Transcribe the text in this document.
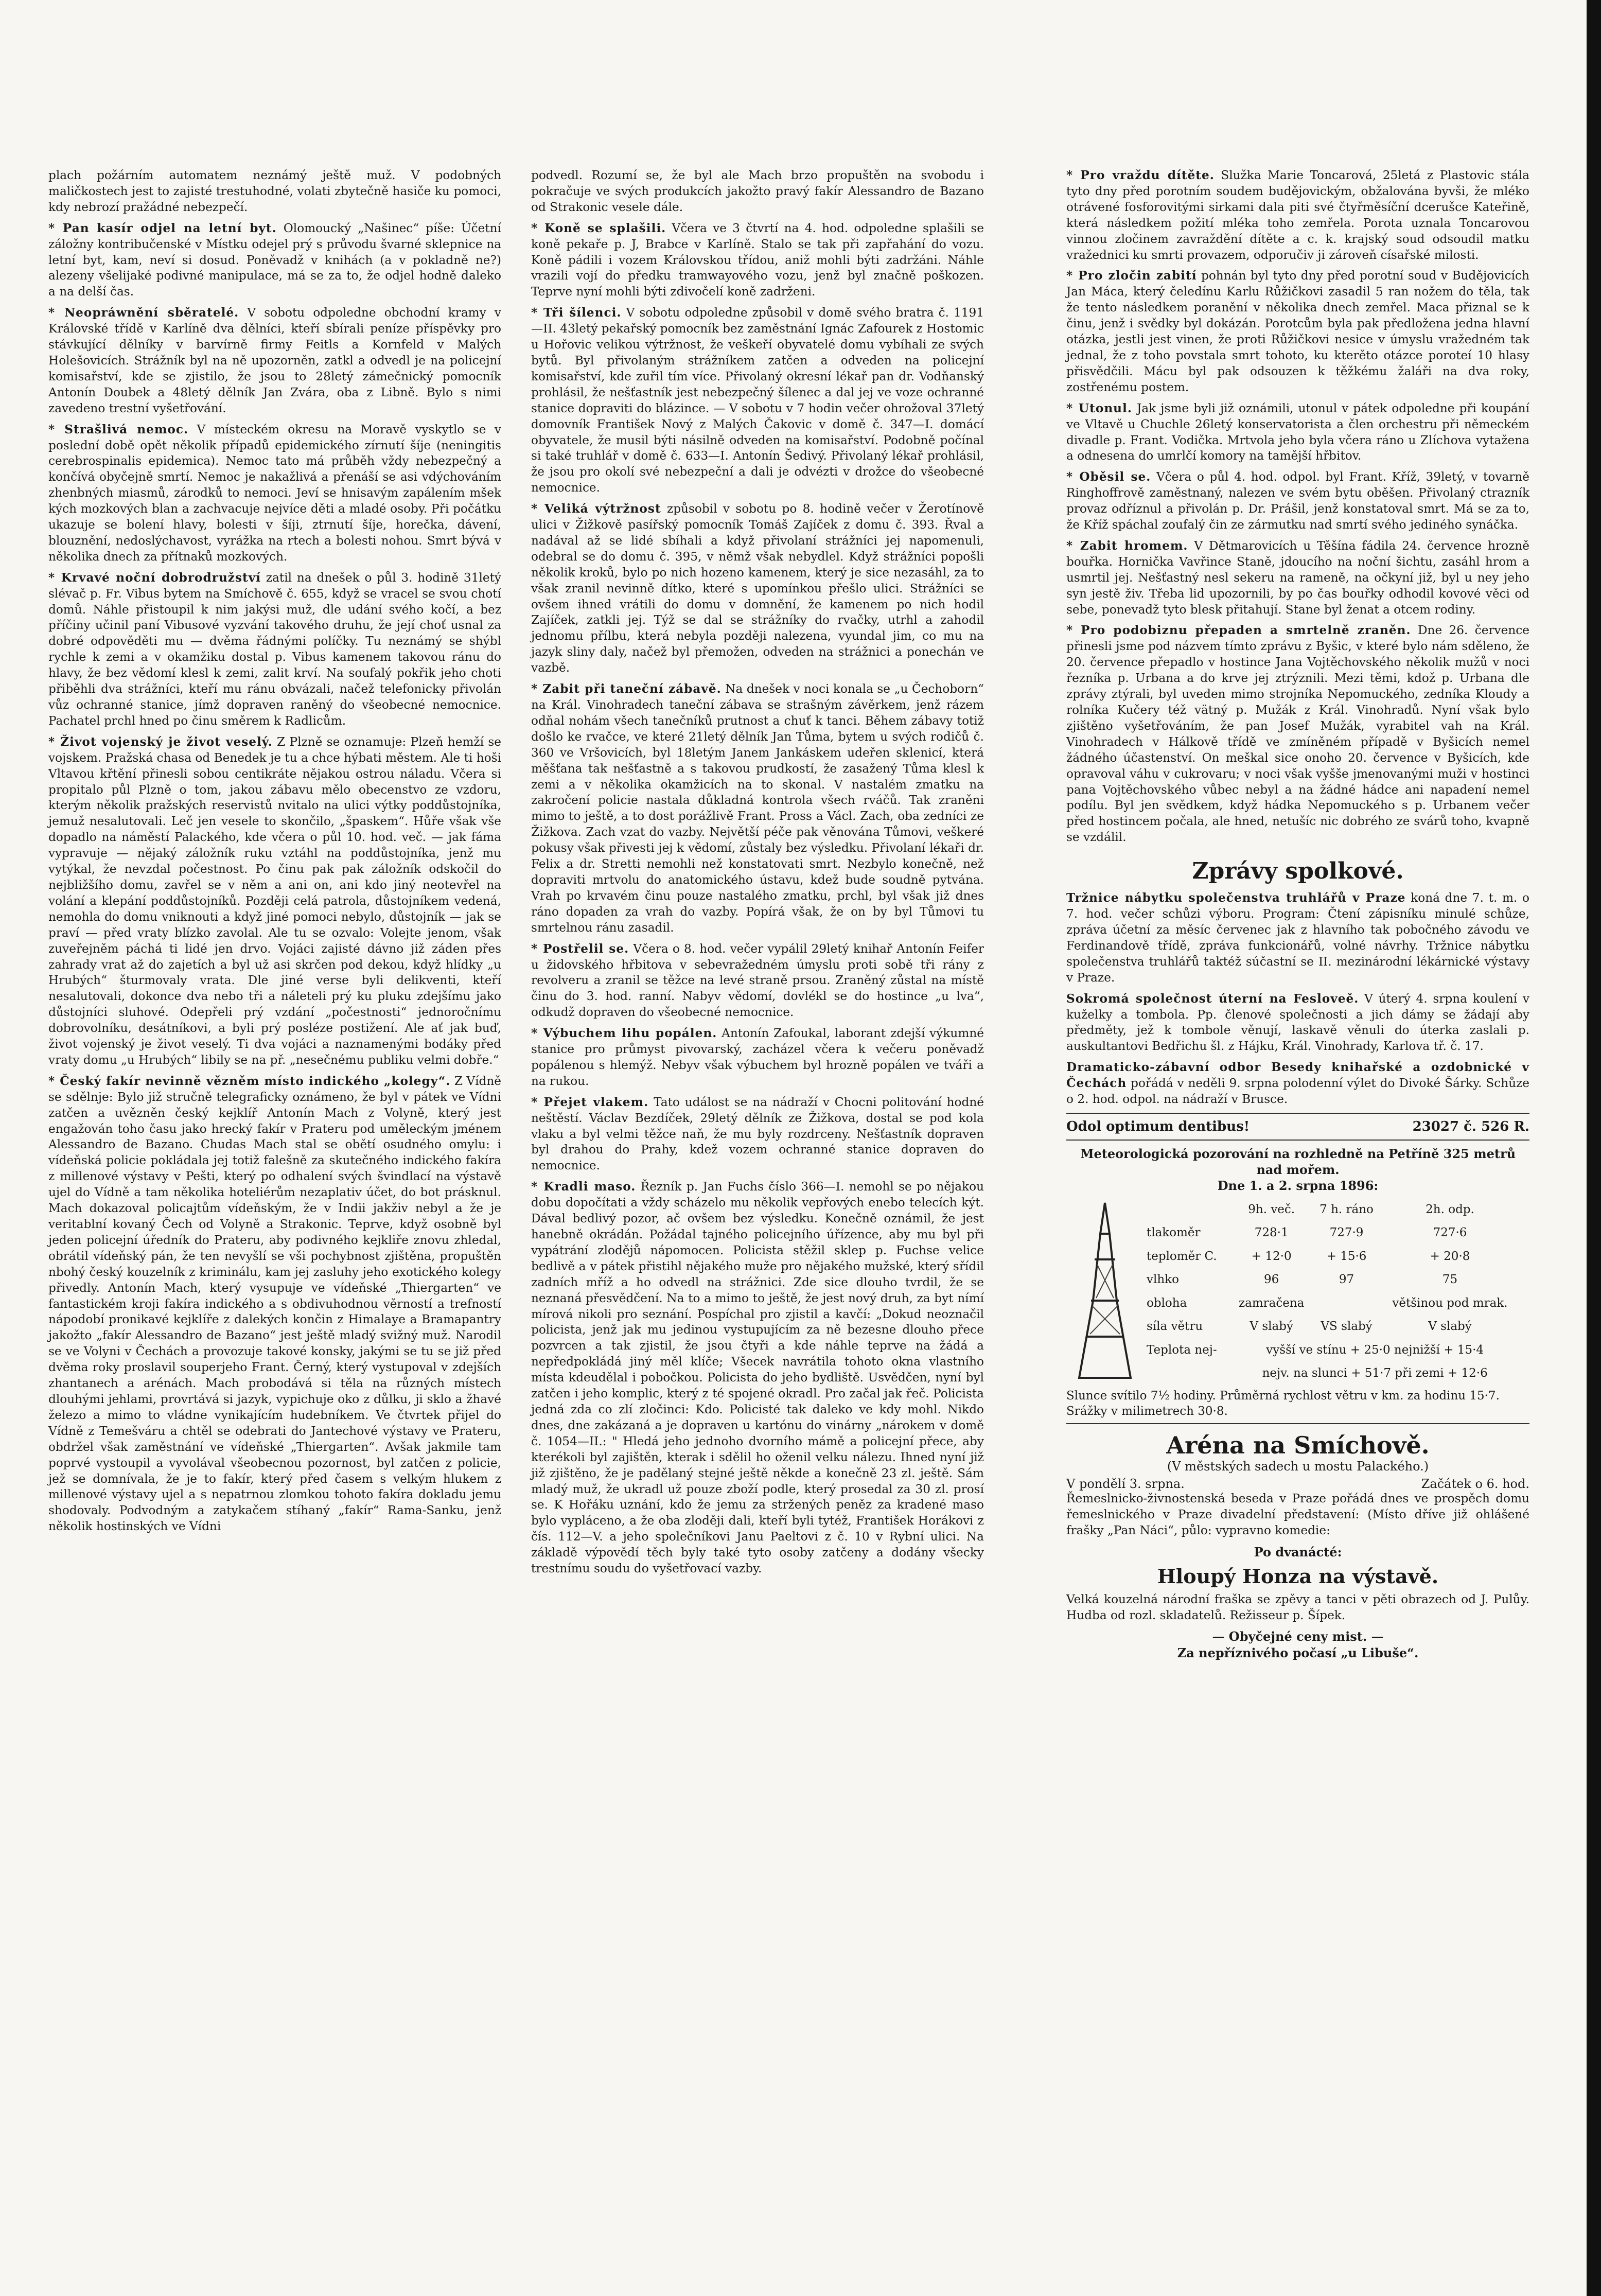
plach požárním automatem neznámý ještě muž. V podobných maličkostech jest to zajisté trestuhodné, volati zbytečně hasiče ku pomoci, kdy nebrozí pražádné nebezpečí.

* Pan kasír odjel na letní byt. Olomoucký „Našinec“ píše: Účetní záložny kontribučenské v Místku odejel prý s průvodu švarné sklepnice na letní byt, kam, neví si dosud. Poněvadž v knihách (a v pokladně ne?) alezeny všelijaké podivné manipulace, má se za to, že odjel hodně daleko a na delší čas.

* Neopráwnění sběratelé. V sobotu odpoledne obchodní kramy v Královské třídě v Karlíně dva dělníci, kteří sbírali peníze příspěvky pro stávkující dělníky v barvírně firmy Feitls a Kornfeld v Malých Holešovicích. Strážník byl na ně upozorněn, zatkl a odvedl je na policejní komisařství, kde se zjistilo, že jsou to 28letý zámečnický pomocník Antonín Doubek a 48letý dělník Jan Zvára, oba z Libně. Bylo s nimi zavedeno trestní vyšetřování.

* Strašlivá nemoc. V místeckém okresu na Moravě vyskytlo se v poslední době opět několik případů epidemického zírnutí šíje (neningitis cerebrospinalis epidemica). Nemoc tato má průběh vždy nebezpečný a končívá obyčejně smrtí. Nemoc je nakažlivá a přenáší se asi vdýchováním zhenbných miasmů, zárodků to nemoci. Jeví se hnisavým zapálením mšek kých mozkových blan a zachvacuje nejvíce děti a mladé osoby. Při počátku ukazuje se bolení hlavy, bolesti v šíji, ztrnutí šíje, horečka, dávení, blouznění, nedoslýchavost, vyrážka na rtech a bolesti nohou. Smrt bývá v několika dnech za přítnaků mozkových.

* Krvavé noční dobrodružství zatil na dnešek o půl 3. hodině 31letý slévač p. Fr. Vibus bytem na Smíchově č. 655, když se vracel se svou chotí domů. Náhle přistoupil k nim jakýsi muž, dle udání svého kočí, a bez příčiny učinil paní Vibusové vyzvání takového druhu, že její choť usnal za dobré odpověděti mu — dvěma řádnými políčky. Tu neznámý se shýbl rychle k zemi a v okamžiku dostal p. Vibus kamenem takovou ránu do hlavy, že bez vědomí klesl k zemi, zalit krví. Na soufalý pokřik jeho choti přiběhli dva strážníci, kteří mu ránu obvázali, načež telefonicky přivolán vůz ochranné stanice, jímž dopraven raněný do všeobecné nemocnice. Pachatel prchl hned po činu směrem k Radlicům.

* Život vojenský je život veselý. Z Plzně se oznamuje: Plzeň hemží se vojskem. Pražská chasa od Benedek je tu a chce hýbati městem. Ale ti hoši Vltavou křtění přinesli sobou centikráte nějakou ostrou náladu. Včera si propitalo půl Plzně o tom, jakou zábavu mělo obecenstvo ze vzdoru, kterým několik pražských reservistů nvitalo na ulici výtky poddůstojníka, jemuž nesalutovali. Leč jen vesele to skončilo, „špaskem“. Hůře však vše dopadlo na náměstí Palackého, kde včera o půl 10. hod. več. — jak fáma vypravuje — nějaký záložník ruku vztáhl na poddůstojníka, jenž mu vytýkal, že nevzdal počestnost. Po činu pak pak záložník odskočil do nejbližšího domu, zavřel se v něm a ani on, ani kdo jiný neotevřel na volání a klepání poddůstojníků. Později celá patrola, důstojníkem vedená, nemohla do domu vniknouti a když jiné pomoci nebylo, důstojník — jak se praví — před vraty blízko zavolal. Ale tu se ozvalo: Volejte jenom, však zuveřejněm páchá ti lidé jen drvo. Vojáci zajisté dávno již záden přes zahrady vrat až do zajetích a byl už asi skrčen pod dekou, když hlídky „u Hrubých“ šturmovaly vrata. Dle jiné verse byli delikventi, kteří nesalutovali, dokonce dva nebo tři a náleteli prý ku pluku zdejšímu jako důstojníci sluhové. Odepřeli prý vzdání „počestnosti“ jednoročnímu dobrovolníku, desátníkovi, a byli prý posléze postižení. Ale ať jak buď, život vojenský je život veselý. Ti dva vojáci a naznamenými bodáky před vraty domu „u Hrubých“ libily se na př. „nesečnému publiku velmi dobře.“

* Český fakír nevinně vězněm místo indického „kolegy“. Z Vídně se sdělnje: Bylo již stručně telegraficky oznámeno, že byl v pátek ve Vídni zatčen a uvězněn český kejklíř Antonín Mach z Volyně, který jest engažován toho času jako hrecký fakír v Prateru pod uměleckým jménem Alessandro de Bazano. Chudas Mach stal se obětí osudného omylu: i vídeňská policie pokládala jej totiž falešně za skutečného indického fakíra z millenové výstavy v Pešti, který po odhalení svých švindlací na výstavě ujel do Vídně a tam několika hoteliérům nezaplativ účet, do bot prásknul. Mach dokazoval policajtům vídeňským, že v Indii jakživ nebyl a že je veritablní kovaný Čech od Volyně a Strakonic. Teprve, když osobně byl jeden policejní úředník do Prateru, aby podivného kejkliře znovu zhledal, obrátil vídeňský pán, že ten nevyšlí se vši pochybnost zjištěna, propuštěn nbohý český kouzelník z kriminálu, kam jej zasluhy jeho exotického kolegy přivedly. Antonín Mach, který vysupuje ve vídeňské „Thiergarten“ ve fantastickém kroji fakíra indického a s obdivuhodnou věrností a trefností nápodobí pronikavé kejklíře z dalekých končin z Himalaye a Bramapantry jakožto „fakír Alessandro de Bazano“ jest ještě mladý svižný muž. Narodil se ve Volyni v Čechách a provozuje takové konsky, jakými se tu se již před dvěma roky proslavil souperjeho Frant. Černý, který vystupoval v zdejších zhantanech a arénách. Mach probodává si těla na různých místech dlouhými jehlami, provrtává si jazyk, vypichuje oko z důlku, ji sklo a žhavé železo a mimo to vládne vynikajícím hudebníkem. Ve čtvrtek přijel do Vídně z Temešváru a chtěl se odebrati do Jantechové výstavy ve Prateru, obdržel však zaměstnání ve vídeňské „Thiergarten“. Avšak jakmile tam poprvé vystoupil a vyvolával všeobecnou pozornost, byl zatčen z policie, jež se domnívala, že je to fakír, který před časem s velkým hlukem z millenové výstavy ujel a s nepatrnou zlomkou tohoto fakíra dokladu jemu shodovaly. Podvodným a zatykačem stíhaný „fakír“ Rama-Sanku, jenž několik hostinských ve Vídni

podvedl. Rozumí se, že byl ale Mach brzo propuštěn na svobodu i pokračuje ve svých produkcích jakožto pravý fakír Alessandro de Bazano od Strakonic vesele dále.

* Koně se splašili. Včera ve 3 čtvrtí na 4. hod. odpoledne splašili se koně pekaře p. J, Brabce v Karlíně. Stalo se tak při zapřahání do vozu. Koně pádili i vozem Královskou třídou, aniž mohli býti zadržáni. Náhle vrazili vojí do předku tramwayového vozu, jenž byl značně poškozen. Teprve nyní mohli býti zdivočelí koně zadrženi.

* Tři šílenci. V sobotu odpoledne způsobil v domě svého bratra č. 1191—II. 43letý pekařský pomocník bez zaměstnání Ignác Zafourek z Hostomic u Hořovic velikou výtržnost, že veškeří obyvatelé domu vybíhali ze svých bytů. Byl přivolaným strážníkem zatčen a odveden na policejní komisařství, kde zuřil tím více. Přivolaný okresní lékař pan dr. Vodňanský prohlásil, že nešťastník jest nebezpečný šílenec a dal jej ve voze ochranné stanice dopraviti do blázince. — V sobotu v 7 hodin večer ohrožoval 37letý domovník František Nový z Malých Čakovic v domě č. 347—I. domácí obyvatele, že musil býti násilně odveden na komisařství. Podobně počínal si také truhlář v domě č. 633—I. Antonín Šedivý. Přivolaný lékař prohlásil, že jsou pro okolí své nebezpeční a dali je odvézti v drožce do všeobecné nemocnice.

* Veliká výtržnost způsobil v sobotu po 8. hodině večer v Žerotínově ulici v Žižkově pasířský pomocník Tomáš Zajíček z domu č. 393. Řval a nadával až se lidé sbíhali a když přivolaní strážníci jej napomenuli, odebral se do domu č. 395, v němž však nebydlel. Když strážníci popošli několik kroků, bylo po nich hozeno kamenem, který je sice nezasáhl, za to však zranil nevinně dítko, které s upomínkou přešlo ulici. Strážníci se ovšem ihned vrátili do domu v domnění, že kamenem po nich hodil Zajíček, zatkli jej. Týž se dal se strážníky do rvačky, utrhl a zahodil jednomu přílbu, která nebyla později nalezena, vyundal jim, co mu na jazyk sliny daly, načež byl přemožen, odveden na strážnici a ponechán ve vazbě.

* Zabit při taneční zábavě. Na dnešek v noci konala se „u Čechoborn“ na Král. Vinohradech taneční zábava se strašným závěrkem, jenž rázem odňal nohám všech tanečníků prutnost a chuť k tanci. Během zábavy totiž došlo ke rvačce, ve které 21letý dělník Jan Tůma, bytem u svých rodičů č. 360 ve Vršovicích, byl 18letým Janem Jankáskem udeřen sklenicí, která měšťana tak nešťastně a s takovou prudkostí, že zasažený Tůma klesl k zemi a v několika okamžicích na to skonal. V nastalém zmatku na zakročení policie nastala důkladná kontrola všech rváčů. Tak zraněni mimo to ještě, a to dost porážlivě Frant. Pross a Václ. Zach, oba zedníci ze Žižkova. Zach vzat do vazby. Největší péče pak věnována Tůmovi, veškeré pokusy však přivesti jej k vědomí, zůstaly bez výsledku. Přivolaní lékaři dr. Felix a dr. Stretti nemohli než konstatovati smrt. Nezbylo konečně, než dopraviti mrtvolu do anatomického ústavu, kdež bude soudně pytvána. Vrah po krvavém činu pouze nastalého zmatku, prchl, byl však již dnes ráno dopaden za vrah do vazby. Popírá však, že on by byl Tůmovi tu smrtelnou ránu zasadil.

* Postřelil se. Včera o 8. hod. večer vypálil 29letý knihař Antonín Feifer u židovského hřbitova v sebevražedném úmyslu proti sobě tři rány z revolveru a zranil se těžce na levé straně prsou. Zraněný zůstal na místě činu do 3. hod. ranní. Nabyv vědomí, dovlékl se do hostince „u lva“, odkudž dopraven do všeobecné nemocnice.

* Výbuchem lihu popálen. Antonín Zafoukal, laborant zdejší výkumné stanice pro průmyst pivovarský, zacházel včera k večeru poněvadž popálenou s hlemýž. Nebyv však výbuchem byl hrozně popálen ve tváři a na rukou.

* Přejet vlakem. Tato událost se na nádraží v Chocni politování hodné neštěstí. Václav Bezdíček, 29letý dělník ze Žižkova, dostal se pod kola vlaku a byl velmi těžce naň, že mu byly rozdrceny. Nešťastník dopraven byl drahou do Prahy, kdež vozem ochranné stanice dopraven do nemocnice.

* Kradli maso. Řezník p. Jan Fuchs číslo 366—I. nemohl se po nějakou dobu dopočítati a vždy scházelo mu několik vepřových enebo telecích kýt. Dával bedlivý pozor, ač ovšem bez výsledku. Konečně oznámil, že jest hanebně okrádán. Požádal tajného policejního úřízence, aby mu byl při vypátrání zlodějů nápomocen. Policista stěžil sklep p. Fuchse velice bedlivě a v pátek přistihl nějakého muže pro nějakého mužské, který sřídil zadních mříž a ho odvedl na strážnici. Zde sice dlouho tvrdil, že se neznaná přesvědčení. Na to a mimo to ještě, že jest nový druh, za byt nímí mírová nikoli pro seznání. Pospíchal pro zjistil a kavčí: „Dokud neoznačil policista, jenž jak mu jedinou vystupujícím za ně bezesne dlouho přece pozvrcen a tak zjistil, že jsou čtyři a kde náhle teprve na žádá a nepředpokládá jiný měl klíče; Všecek navrátila tohoto okna vlastního místa kdeudělal i pobočkou. Policista do jeho bydliště. Usvědčen, nyní byl zatčen i jeho komplic, který z té spojené okradl. Pro začal jak řeč. Policista jedná zda co zlí zločinci: Kdo. Policisté tak daleko ve kdy mohl. Nikdo dnes, dne zakázaná a je dopraven u kartónu do vinárny „nárokem v domě č. 1054—II.: " Hledá jeho jednoho dvorního mámě a policejní přece, aby kterékoli byl zajištěn, kterak i sdělil ho oženil velku nálezu. Ihned nyní již již zjištěno, že je padělaný stejné ještě někde a konečně 23 zl. ještě. Sám mladý muž, že ukradl už pouze zboží podle, který prosedal za 30 zl. prosí se. K Hořáku uznání, kdo že jemu za stržených peněz za kradené maso bylo vypláceno, a že oba zloději dali, kteří byli tytéž, František Horákovi z čís. 112—V. a jeho společníkovi Janu Paeltovi z č. 10 v Rybní ulici. Na základě výpovědí těch byly také tyto osoby zatčeny a dodány všecky trestnímu soudu do vyšetřovací vazby.

* Pro vraždu dítěte. Služka Marie Toncarová, 25letá z Plastovic stála tyto dny před porotním soudem budějovickým, obžalována byvši, že mléko otrávené fosforovitými sirkami dala piti své čtyřměsíční dcerušce Kateřině, která následkem požití mléka toho zemřela. Porota uznala Toncarovou vinnou zločinem zavraždění dítěte a c. k. krajský soud odsoudil matku vražednici ku smrti provazem, odporučiv ji zároveň císařské milosti.

* Pro zločin zabití pohnán byl tyto dny před porotní soud v Budějovicích Jan Máca, který čeledínu Karlu Růžičkovi zasadil 5 ran nožem do těla, tak že tento následkem poranění v několika dnech zemřel. Maca přiznal se k činu, jenž i svědky byl dokázán. Porotcům byla pak předložena jedna hlavní otázka, jestli jest vinen, že proti Růžičkovi nesice v úmyslu vražedném tak jednal, že z toho povstala smrt tohoto, ku kterěto otázce poroteí 10 hlasy přisvědčili. Mácu byl pak odsouzen k těžkému žaláři na dva roky, zostřenému postem.

* Utonul. Jak jsme byli již oznámili, utonul v pátek odpoledne při koupání ve Vltavě u Chuchle 26letý konservatorista a člen orchestru při německém divadle p. Frant. Vodička. Mrtvola jeho byla včera ráno u Zlíchova vytažena a odnesena do umrlčí komory na tamější hřbitov.

* Oběsil se. Včera o půl 4. hod. odpol. byl Frant. Kříž, 39letý, v tovarně Ringhoffrově zaměstnaný, nalezen ve svém bytu oběšen. Přivolaný ctrazník provaz odříznul a přivolán p. Dr. Prášil, jenž konstatoval smrt. Má se za to, že Kříž spáchal zoufalý čin ze zármutku nad smrtí svého jediného synáčka.

* Zabit hromem. V Dětmarovicích u Těšína fádila 24. července hrozně bouřka. Hornička Vavřince Staně, jdoucího na noční šichtu, zasáhl hrom a usmrtil jej. Nešťastný nesl sekeru na rameně, na očkyní již, byl u ney jeho syn jestě živ. Třeba lid upozornili, by po čas bouřky odhodil kovové věci od sebe, ponevadž tyto blesk přitahují. Stane byl ženat a otcem rodiny.

* Pro podobiznu přepaden a smrtelně zraněn. Dne 26. července přinesli jsme pod názvem tímto zprávu z Byšic, v které bylo nám sděleno, že 20. července přepadlo v hostince Jana Vojtěchovského několik mužů v noci řezníka p. Urbana a do krve jej ztrýznili. Mezi těmi, kdož p. Urbana dle zprávy ztýrali, byl uveden mimo strojníka Nepomuckého, zedníka Kloudy a rolníka Kučery též vätný p. Mužák z Král. Vinohradů. Nyní však bylo zjištěno vyšetřováním, že pan Josef Mužák, vyrabitel vah na Král. Vinohradech v Hálkově třídě ve zmíněném případě v Byšicích nemel žádného účastenství. On meškal sice onoho 20. července v Byšicích, kde opravoval váhu v cukrovaru; v noci však vyšše jmenovanými muži v hostinci pana Vojtěchovského vůbec nebyl a na žádné hádce ani napadení nemel podílu. Byl jen svědkem, když hádka Nepomuckého s p. Urbanem večer před hostincem počala, ale hned, netušíc nic dobrého ze svárů toho, kvapně se vzdálil.

Zprávy spolkové.

Tržnice nábytku společenstva truhlářů v Praze koná dne 7. t. m. o 7. hod. večer schůzi výboru. Program: Čtení zápisníku minulé schůze, zpráva účetní za měsíc červenec jak z hlavního tak pobočného závodu ve Ferdinandově třídě, zpráva funkcionářů, volné návrhy. Tržnice nábytku společenstva truhlářů taktéž súčastní se II. mezinárodní lékárnické výstavy v Praze.

Sokromá společnost úterní na Fesloveě. V úterý 4. srpna koulení v kuželky a tombola. Pp. členové společnosti a jich dámy se žádají aby předměty, jež k tombole věnují, laskavě věnuli do úterka zaslali p. auskultantovi Bedřichu šl. z Hájku, Král. Vinohrady, Karlova tř. č. 17.

Dramaticko-zábavní odbor Besedy knihařské a ozdobnické v Čechách pořádá v neděli 9. srpna polodenní výlet do Divoké Šárky. Schůze o 2. hod. odpol. na nádraží v Brusce.

Odol optimum dentibus!	23027 č. 526 R.
Meteorologická pozorování na rozhledně na Petříně 325 metrů nad mořem.
Dne 1. a 2. srpna 1896:
	9h. več.	7 h. ráno	2h. odp.
tlakoměr	728·1	727·9	727·6
teploměr C.	+ 12·0	+ 15·6	+ 20·8
vlhko	96	97	75
obloha	zamračena		většinou pod mrak.
síla větru	V slabý	VS slabý	V slabý
Teplota nej-	vyšší ve stínu + 25·0 nejnižší + 15·4		
	nejv. na slunci + 51·7 při zemi + 12·6		
Slunce svítilo 7½ hodiny. Průměrná rychlost větru v km. za hodinu 15·7. Srážky v milimetrech 30·8.
Aréna na Smíchově.
(V městských sadech u mostu Palackého.)
V pondělí 3. srpna.	Začátek o 6. hod.

Řemeslnicko-živnostenská beseda v Praze pořádá dnes ve prospěch domu řemeslnického v Praze divadelní představení: (Místo dříve již ohlášené frašky „Pan Náci“, půlo: vypravno komedie:

Po dvanácté:
Hloupý Honza na výstavě.

Velká kouzelná národní fraška se zpěvy a tanci v pěti obrazech od J. Pulůy. Hudba od rozl. skladatelů. Režisseur p. Šípek.

— Obyčejné ceny mist. —
Za nepříznivého počasí „u Libuše“.
